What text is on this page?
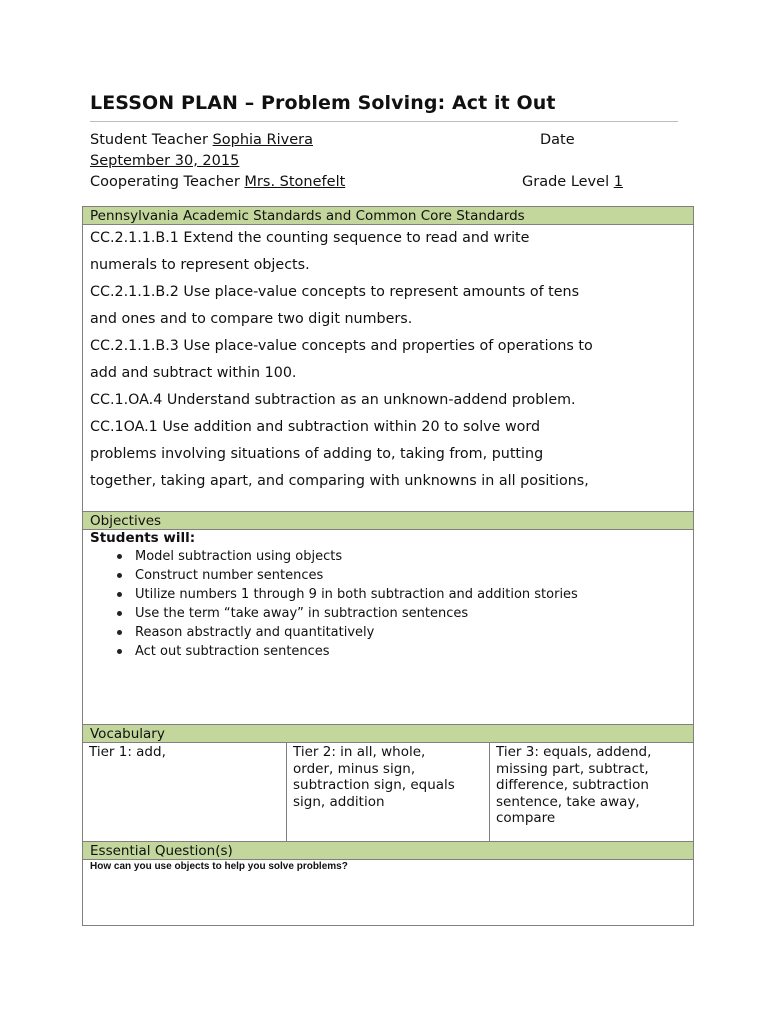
LESSON PLAN – Problem Solving: Act it Out
Student Teacher Sophia Rivera	Date
September 30, 2015
Cooperating Teacher Mrs. Stonefelt	Grade Level 1
Pennsylvania Academic Standards and Common Core Standards
CC.2.1.1.B.1 Extend the counting sequence to read and write
numerals to represent objects.
CC.2.1.1.B.2 Use place-value concepts to represent amounts of tens
and ones and to compare two digit numbers.
CC.2.1.1.B.3 Use place-value concepts and properties of operations to
add and subtract within 100.
CC.1.OA.4 Understand subtraction as an unknown-addend problem.
CC.1OA.1 Use addition and subtraction within 20 to solve word
problems involving situations of adding to, taking from, putting
together, taking apart, and comparing with unknowns in all positions,
Objectives
Students will:
Model subtraction using objects
Construct number sentences
Utilize numbers 1 through 9 in both subtraction and addition stories
Use the term “take away” in subtraction sentences
Reason abstractly and quantitatively
Act out subtraction sentences
Vocabulary
Tier 1: add,	Tier 2: in all, whole,
order, minus sign,
subtraction sign, equals
sign, addition
Tier 3: equals, addend,
missing part, subtract,
difference, subtraction
sentence, take away,
compare
Essential Question(s)
How can you use objects to help you solve problems?
